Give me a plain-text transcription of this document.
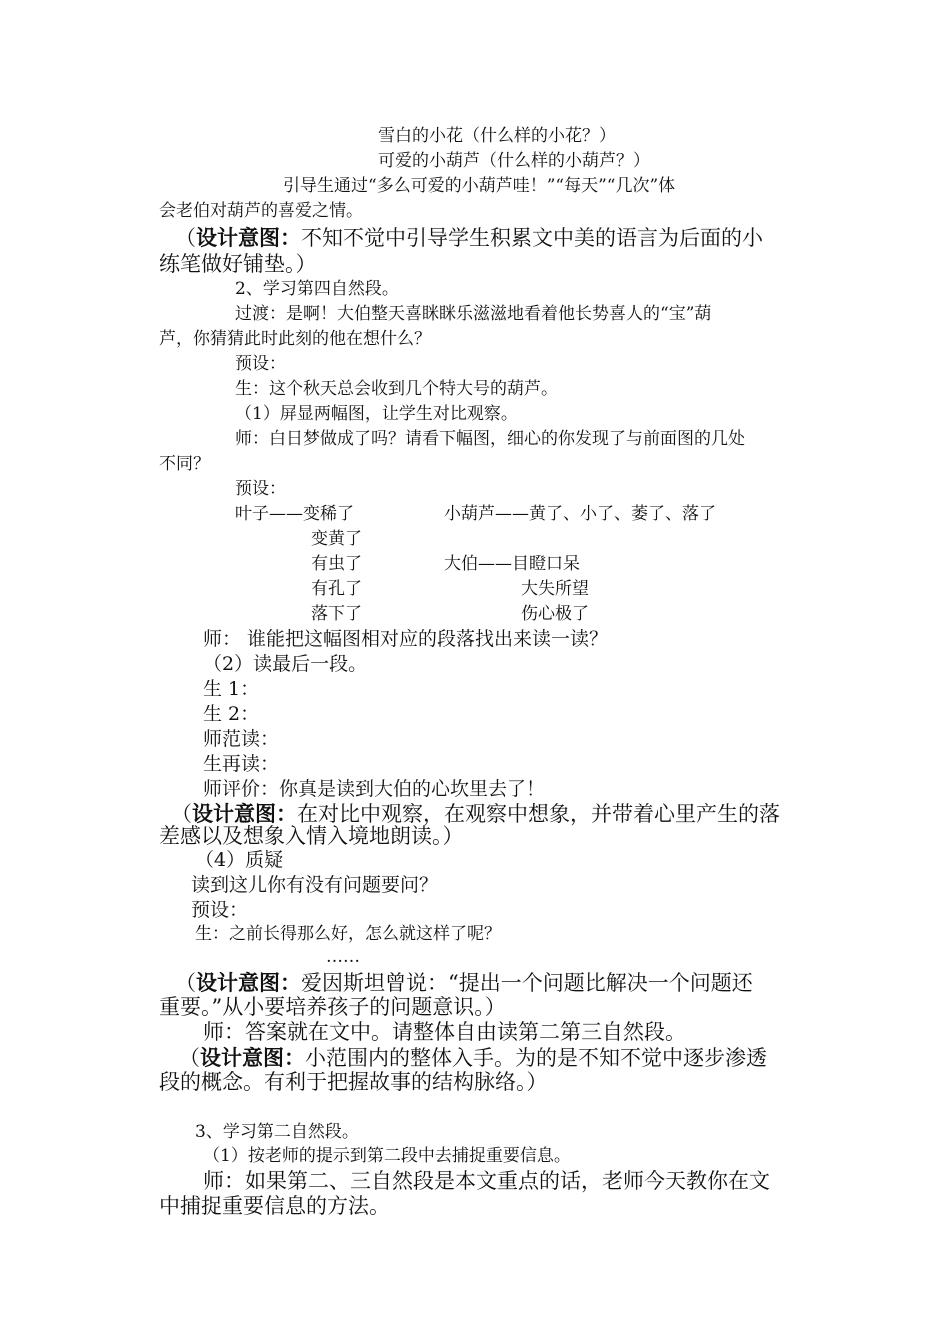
雪白的小花（什么样的小花？）
可爱的小葫芦（什么样的小葫芦？）
引导生通过“多么可爱的小葫芦哇！”“每天”“几次”体
会老伯对葫芦的喜爱之情。
（设计意图：不知不觉中引导学生积累文中美的语言为后面的小
练笔做好铺垫。）
2、学习第四自然段。
过渡：是啊！大伯整天喜眯眯乐滋滋地看着他长势喜人的“宝”葫
芦，你猜猜此时此刻的他在想什么？
预设：
生：这个秋天总会收到几个特大号的葫芦。
（1）屏显两幅图，让学生对比观察。
师：白日梦做成了吗？请看下幅图，细心的你发现了与前面图的几处
不同？
预设：
叶子——变稀了	小葫芦——黄了、小了、萎了、落了
变黄了
有虫了	大伯——目瞪口呆
有孔了	大失所望
落下了	伤心极了
师： 谁能把这幅图相对应的段落找出来读一读？
（2）读最后一段。
生 1：
生 2：
师范读：
生再读：
师评价：你真是读到大伯的心坎里去了！
（设计意图：在对比中观察，在观察中想象，并带着心里产生的落
差感以及想象入情入境地朗读。）
（4）质疑
读到这儿你有没有问题要问？
预设：
生：之前长得那么好，怎么就这样了呢？
……
（设计意图：爱因斯坦曾说：“提出一个问题比解决一个问题还
重要。”从小要培养孩子的问题意识。）
师：答案就在文中。请整体自由读第二第三自然段。
（设计意图：小范围内的整体入手。为的是不知不觉中逐步渗透
段的概念。有利于把握故事的结构脉络。）
3、学习第二自然段。
（1）按老师的提示到第二段中去捕捉重要信息。
师：如果第二、三自然段是本文重点的话，老师今天教你在文
中捕捉重要信息的方法。
